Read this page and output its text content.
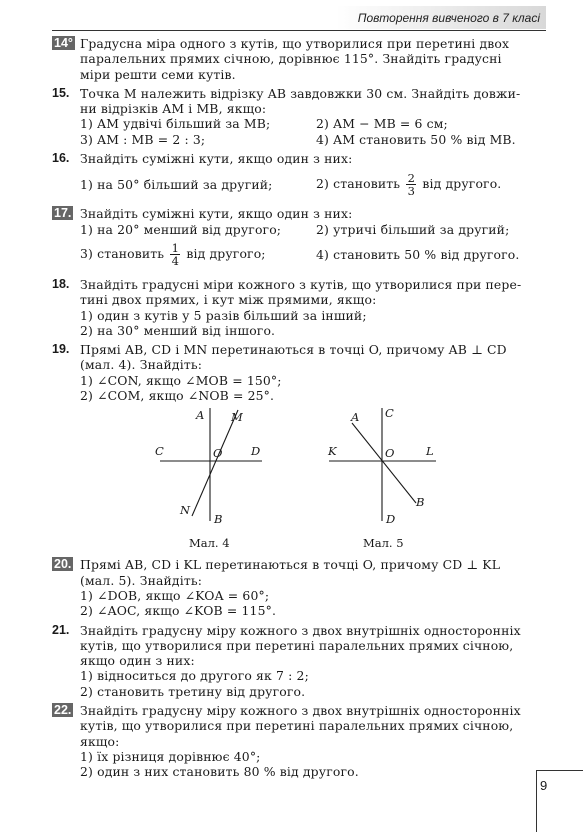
Повторення вивченого в 7 класі
14° Градусна міра одного з кутів, що утворилися при перетині двох
паралельних прямих січною, дорівнює 115°. Знайдіть градусні
міри решти семи кутів.
15. Точка M належить відрізку AB завдовжки 30 см. Знайдіть довжи-
ни відрізків AM і MB, якщо:
1) AM удвічі більший за MB;	2) AM − MB = 6 см;
3) AM : MB = 2 : 3;	4) AM становить 50 % від MB.
16. Знайдіть суміжні кути, якщо один з них:
1) на 50° більший за другий;	2) становить $\frac{2}{3}$ від другого.
17. Знайдіть суміжні кути, якщо один з них:
1) на 20° менший від другого;	2) утричі більший за другий;
3) становить $\frac{1}{4}$ від другого;	4) становить 50 % від другого.
18. Знайдіть градусні міри кожного з кутів, що утворилися при пере-
тині двох прямих, і кут між прямими, якщо:
1) один з кутів у 5 разів більший за інший;
2) на 30° менший від іншого.
19. Прямі AB, CD і MN перетинаються в точці O, причому AB ⊥ CD
(мал. 4). Знайдіть:
1) ∠CON, якщо ∠MOB = 150°;
2) ∠COM, якщо ∠NOB = 25°.
A M
C	O D
N
B
A C
K	O	L
B
D
Мал. 4	Мал. 5
20. Прямі AB, CD і KL перетинаються в точці O, причому CD ⊥ KL
(мал. 5). Знайдіть:
1) ∠DOB, якщо ∠KOA = 60°;
2) ∠AOC, якщо ∠KOB = 115°.
21. Знайдіть градусну міру кожного з двох внутрішніх односторонніх
кутів, що утворилися при перетині паралельних прямих січною,
якщо один з них:
1) відноситься до другого як 7 : 2;
2) становить третину від другого.
22. Знайдіть градусну міру кожного з двох внутрішніх односторонніх
кутів, що утворилися при перетині паралельних прямих січною,
якщо:
1) їх різниця дорівнює 40°;
2) один з них становить 80 % від другого.
9
